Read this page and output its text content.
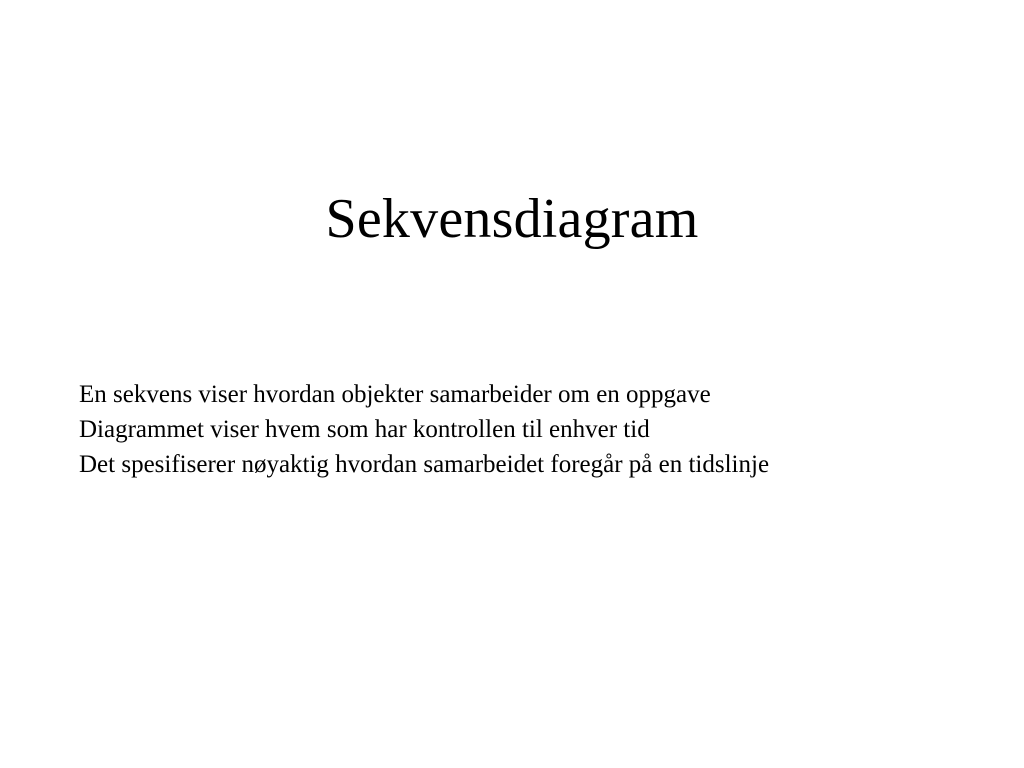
Sekvensdiagram
En sekvens viser hvordan objekter samarbeider om en oppgave
Diagrammet viser hvem som har kontrollen til enhver tid
Det spesifiserer nøyaktig hvordan samarbeidet foregår på en tidslinje
